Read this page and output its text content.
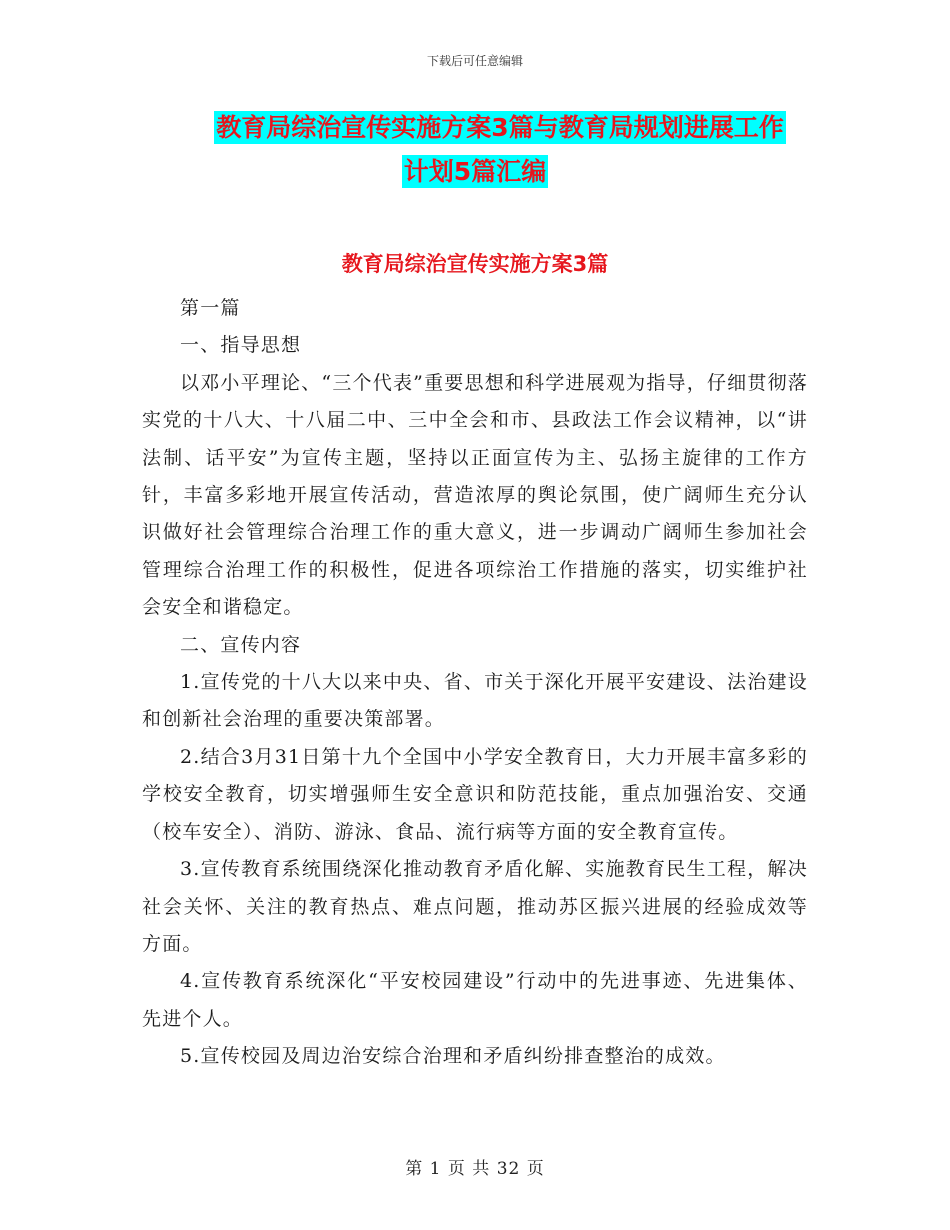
下载后可任意编辑
教育局综治宣传实施方案3篇与教育局规划进展工作
计划5篇汇编
教育局综治宣传实施方案3篇

第一篇

一、指导思想

以邓小平理论、“三个代表”重要思想和科学进展观为指导，仔细贯彻落实党的十八大、十八届二中、三中全会和市、县政法工作会议精神，以“讲法制、话平安”为宣传主题，坚持以正面宣传为主、弘扬主旋律的工作方针，丰富多彩地开展宣传活动，营造浓厚的舆论氛围，使广阔师生充分认识做好社会管理综合治理工作的重大意义，进一步调动广阔师生参加社会管理综合治理工作的积极性，促进各项综治工作措施的落实，切实维护社会安全和谐稳定。

二、宣传内容

1.宣传党的十八大以来中央、省、市关于深化开展平安建设、法治建设和创新社会治理的重要决策部署。

2.结合3月31日第十九个全国中小学安全教育日，大力开展丰富多彩的学校安全教育，切实增强师生安全意识和防范技能，重点加强治安、交通（校车安全）、消防、游泳、食品、流行病等方面的安全教育宣传。

3.宣传教育系统围绕深化推动教育矛盾化解、实施教育民生工程，解决社会关怀、关注的教育热点、难点问题，推动苏区振兴进展的经验成效等方面。

4.宣传教育系统深化“平安校园建设”行动中的先进事迹、先进集体、先进个人。

5.宣传校园及周边治安综合治理和矛盾纠纷排查整治的成效。

第 1 页 共 32 页
